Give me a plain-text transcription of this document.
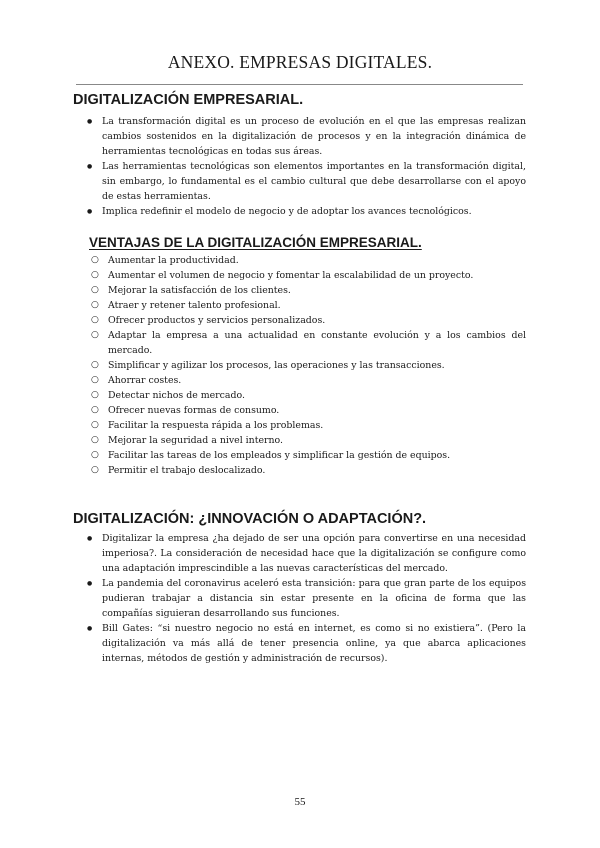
ANEXO. EMPRESAS DIGITALES.
DIGITALIZACIÓN EMPRESARIAL.
● La transformación digital es un proceso de evolución en el que las empresas realizan cambios sostenidos en la digitalización de procesos y en la integración dinámica de herramientas tecnológicas en todas sus áreas.
● Las herramientas tecnológicas son elementos importantes en la transformación digital, sin embargo, lo fundamental es el cambio cultural que debe desarrollarse con el apoyo de estas herramientas.
● Implica redefinir el modelo de negocio y de adoptar los avances tecnológicos.
VENTAJAS DE LA DIGITALIZACIÓN EMPRESARIAL.
○ Aumentar la productividad.
○ Aumentar el volumen de negocio y fomentar la escalabilidad de un proyecto.
○ Mejorar la satisfacción de los clientes.
○ Atraer y retener talento profesional.
○ Ofrecer productos y servicios personalizados.
○ Adaptar la empresa a una actualidad en constante evolución y a los cambios del mercado.
○ Simplificar y agilizar los procesos, las operaciones y las transacciones.
○ Ahorrar costes.
○ Detectar nichos de mercado.
○ Ofrecer nuevas formas de consumo.
○ Facilitar la respuesta rápida a los problemas.
○ Mejorar la seguridad a nivel interno.
○ Facilitar las tareas de los empleados y simplificar la gestión de equipos.
○ Permitir el trabajo deslocalizado.
DIGITALIZACIÓN: ¿INNOVACIÓN O ADAPTACIÓN?.
● Digitalizar la empresa ¿ha dejado de ser una opción para convertirse en una necesidad imperiosa?. La consideración de necesidad hace que la digitalización se configure como una adaptación imprescindible a las nuevas características del mercado.
● La pandemia del coronavirus aceleró esta transición: para que gran parte de los equipos pudieran trabajar a distancia sin estar presente en la oficina de forma que las compañías siguieran desarrollando sus funciones.
● Bill Gates: “si nuestro negocio no está en internet, es como si no existiera”. (Pero la digitalización va más allá de tener presencia online, ya que abarca aplicaciones internas, métodos de gestión y administración de recursos).
55
